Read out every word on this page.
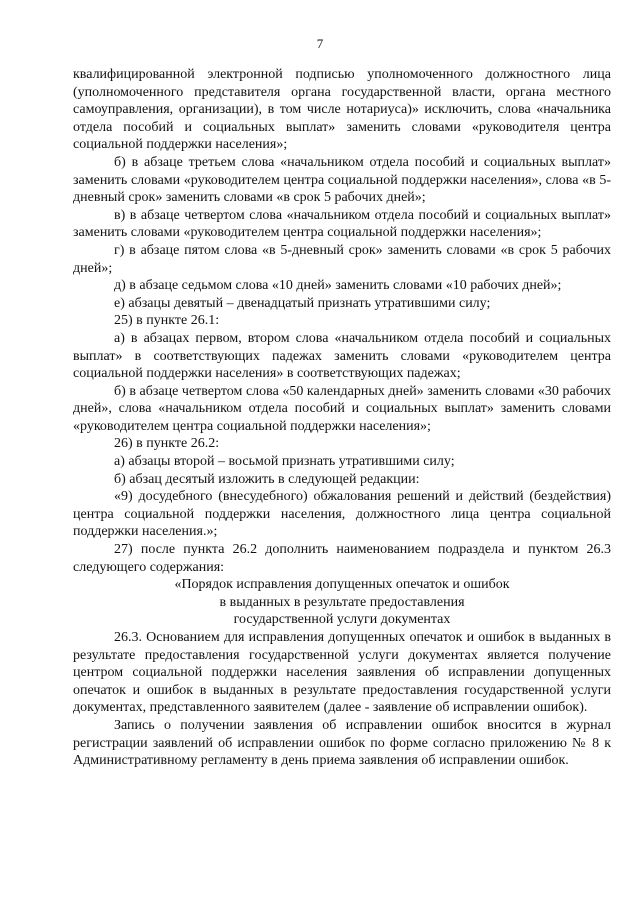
7

квалифицированной электронной подписью уполномоченного должностного лица (уполномоченного представителя органа государственной власти, органа местного самоуправления, организации), в том числе нотариуса)» исключить, слова «начальника отдела пособий и социальных выплат» заменить словами «руководителя центра социальной поддержки населения»;

б) в абзаце третьем слова «начальником отдела пособий и социальных выплат» заменить словами «руководителем центра социальной поддержки населения», слова «в 5-дневный срок» заменить словами «в срок 5 рабочих дней»;

в) в абзаце четвертом слова «начальником отдела пособий и социальных выплат» заменить словами «руководителем центра социальной поддержки населения»;

г) в абзаце пятом слова «в 5-дневный срок» заменить словами «в срок 5 рабочих дней»;

д) в абзаце седьмом слова «10 дней» заменить словами «10 рабочих дней»;

е) абзацы девятый – двенадцатый признать утратившими силу;

25) в пункте 26.1:

а) в абзацах первом, втором слова «начальником отдела пособий и социальных выплат» в соответствующих падежах заменить словами «руководителем центра социальной поддержки населения» в соответствующих падежах;

б) в абзаце четвертом слова «50 календарных дней» заменить словами «30 рабочих дней», слова «начальником отдела пособий и социальных выплат» заменить словами «руководителем центра социальной поддержки населения»;

26) в пункте 26.2:

а) абзацы второй – восьмой признать утратившими силу;

б) абзац десятый изложить в следующей редакции:

«9) досудебного (внесудебного) обжалования решений и действий (бездействия) центра социальной поддержки населения, должностного лица центра социальной поддержки населения.»;

27) после пункта 26.2 дополнить наименованием подраздела и пунктом 26.3 следующего содержания:

«Порядок исправления допущенных опечаток и ошибок

в выданных в результате предоставления

государственной услуги документах

26.3. Основанием для исправления допущенных опечаток и ошибок в выданных в результате предоставления государственной услуги документах является получение центром социальной поддержки населения заявления об исправлении допущенных опечаток и ошибок в выданных в результате предоставления государственной услуги документах, представленного заявителем (далее - заявление об исправлении ошибок).

Запись о получении заявления об исправлении ошибок вносится в журнал регистрации заявлений об исправлении ошибок по форме согласно приложению № 8 к Административному регламенту в день приема заявления об исправлении ошибок.
